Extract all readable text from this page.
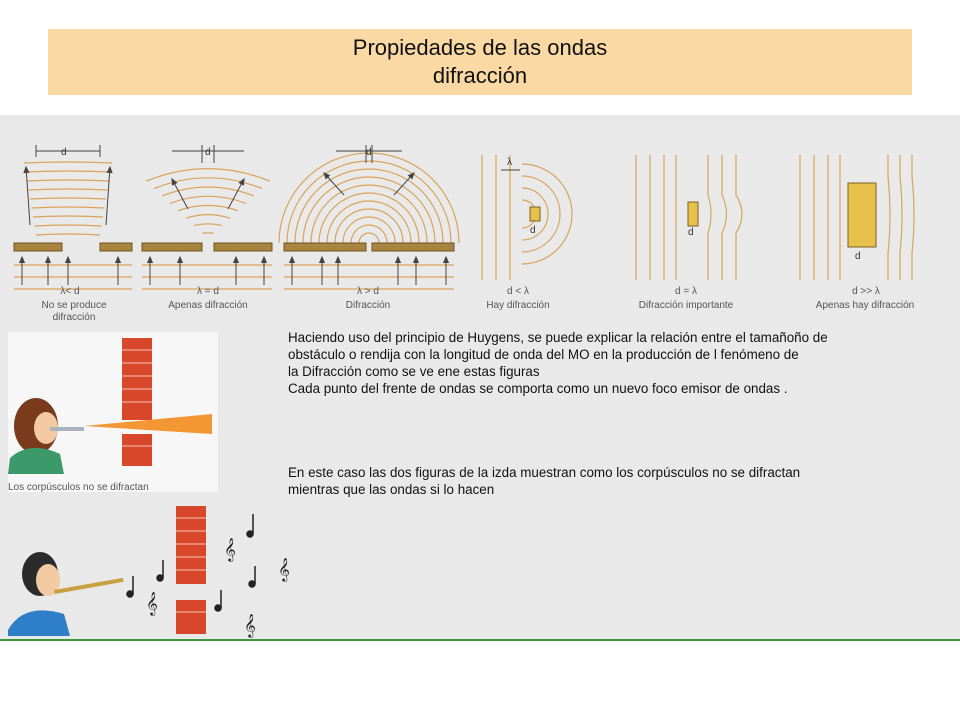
Propiedades de las ondas
difracción
d	d	d
λ
d	d
d
λ< d	λ = d	λ > d	d < λ	d = λ	d >> λ
No se produce
difracción
Apenas difracción	Difracción	Hay difracción	Difracción importante	Apenas hay difracción
Los corpúsculos no se difractan
𝄞
𝄞
𝄞
𝄞
Haciendo uso del principio de Huygens, se puede explicar la relación entre el tamañoño de
obstáculo o rendija con la longitud de onda del MO en la producción de l fenómeno de
la Difracción como se ve ene estas figuras
Cada punto del frente de ondas se comporta como un nuevo foco emisor de ondas .
En este caso las dos figuras de la izda muestran como los corpúsculos no se difractan
mientras que las ondas si lo hacen
